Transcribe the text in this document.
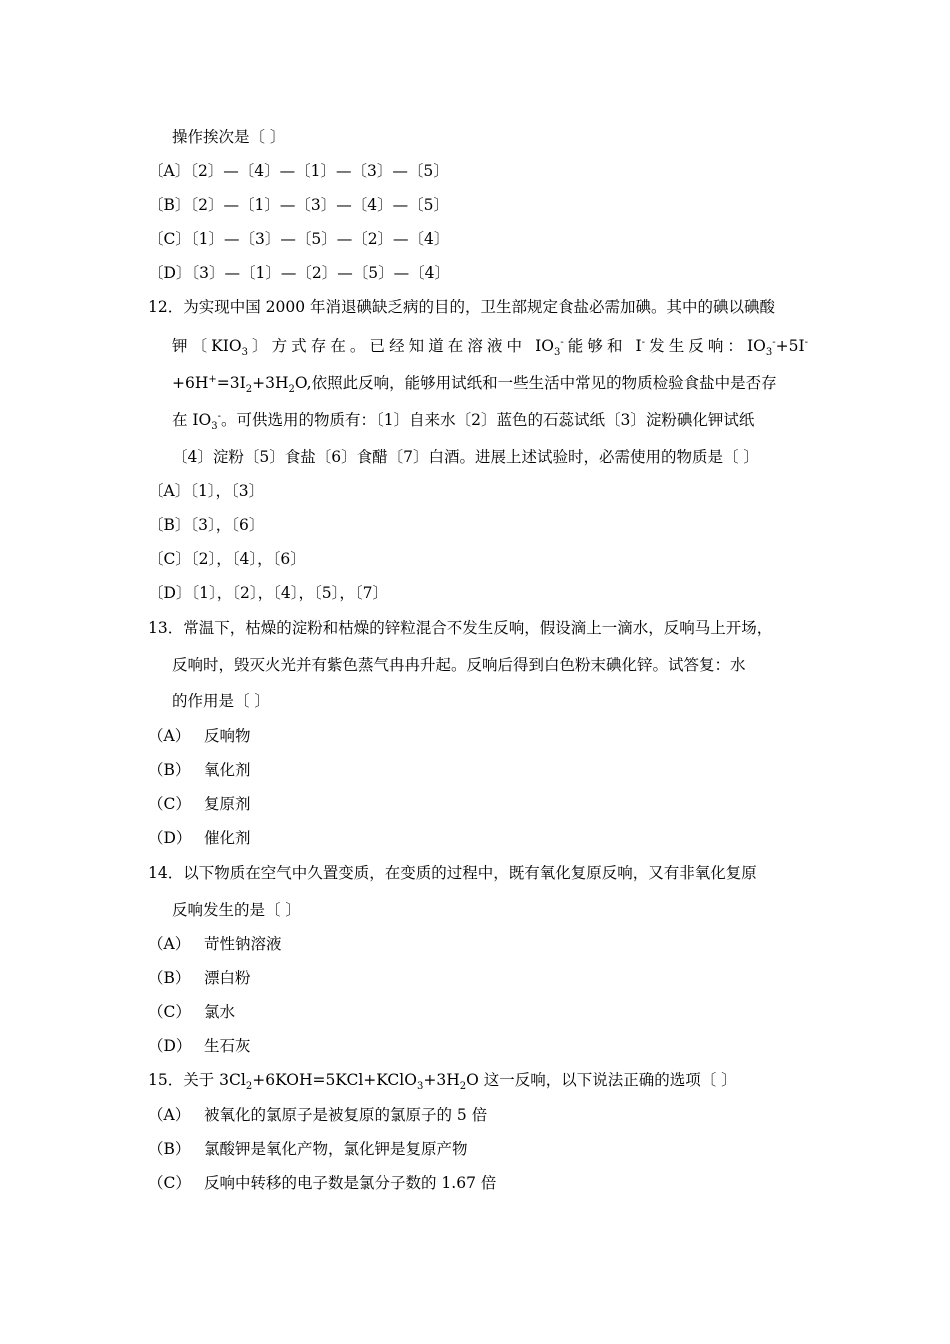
操作挨次是〔 〕
〔A〕〔2〕—〔4〕—〔1〕—〔3〕—〔5〕
〔B〕〔2〕—〔1〕—〔3〕—〔4〕—〔5〕
〔C〕〔1〕—〔3〕—〔5〕—〔2〕—〔4〕
〔D〕〔3〕—〔1〕—〔2〕—〔5〕—〔4〕
12．为实现中国 2000 年消退碘缺乏病的目的，卫生部规定食盐必需加碘。其中的碘以碘酸
钾〔$KIO_3$〕方式存在。已经知道在溶液中 $IO_3^-$能够和 I-发生反响：$IO_3^-+5I^-$
$+6H^+=3I_2+3H_2O$,依照此反响，能够用试纸和一些生活中常见的物质检验食盐中是否存
在 $IO_3^-$。可供选用的物质有：〔1〕自来水〔2〕蓝色的石蕊试纸〔3〕淀粉碘化钾试纸
〔4〕淀粉〔5〕食盐〔6〕食醋〔7〕白酒。进展上述试验时，必需使用的物质是〔 〕
〔A〕〔1〕，〔3〕
〔B〕〔3〕，〔6〕
〔C〕〔2〕，〔4〕，〔6〕
〔D〕〔1〕，〔2〕，〔4〕，〔5〕，〔7〕
13．常温下，枯燥的淀粉和枯燥的锌粒混合不发生反响，假设滴上一滴水，反响马上开场，
反响时，毁灭火光并有紫色蒸气冉冉升起。反响后得到白色粉末碘化锌。试答复：水
的作用是〔 〕
（A） 反响物
（B） 氧化剂
（C） 复原剂
（D） 催化剂
14．以下物质在空气中久置变质，在变质的过程中，既有氧化复原反响，又有非氧化复原
反响发生的是〔 〕
（A） 苛性钠溶液
（B） 漂白粉
（C） 氯水
（D） 生石灰
15．关于 $3Cl_2+6KOH=5KCl+KClO_3+3H_2O$ 这一反响，以下说法正确的选项〔 〕
（A） 被氧化的氯原子是被复原的氯原子的 5 倍
（B） 氯酸钾是氧化产物，氯化钾是复原产物
（C） 反响中转移的电子数是氯分子数的 1.67 倍
